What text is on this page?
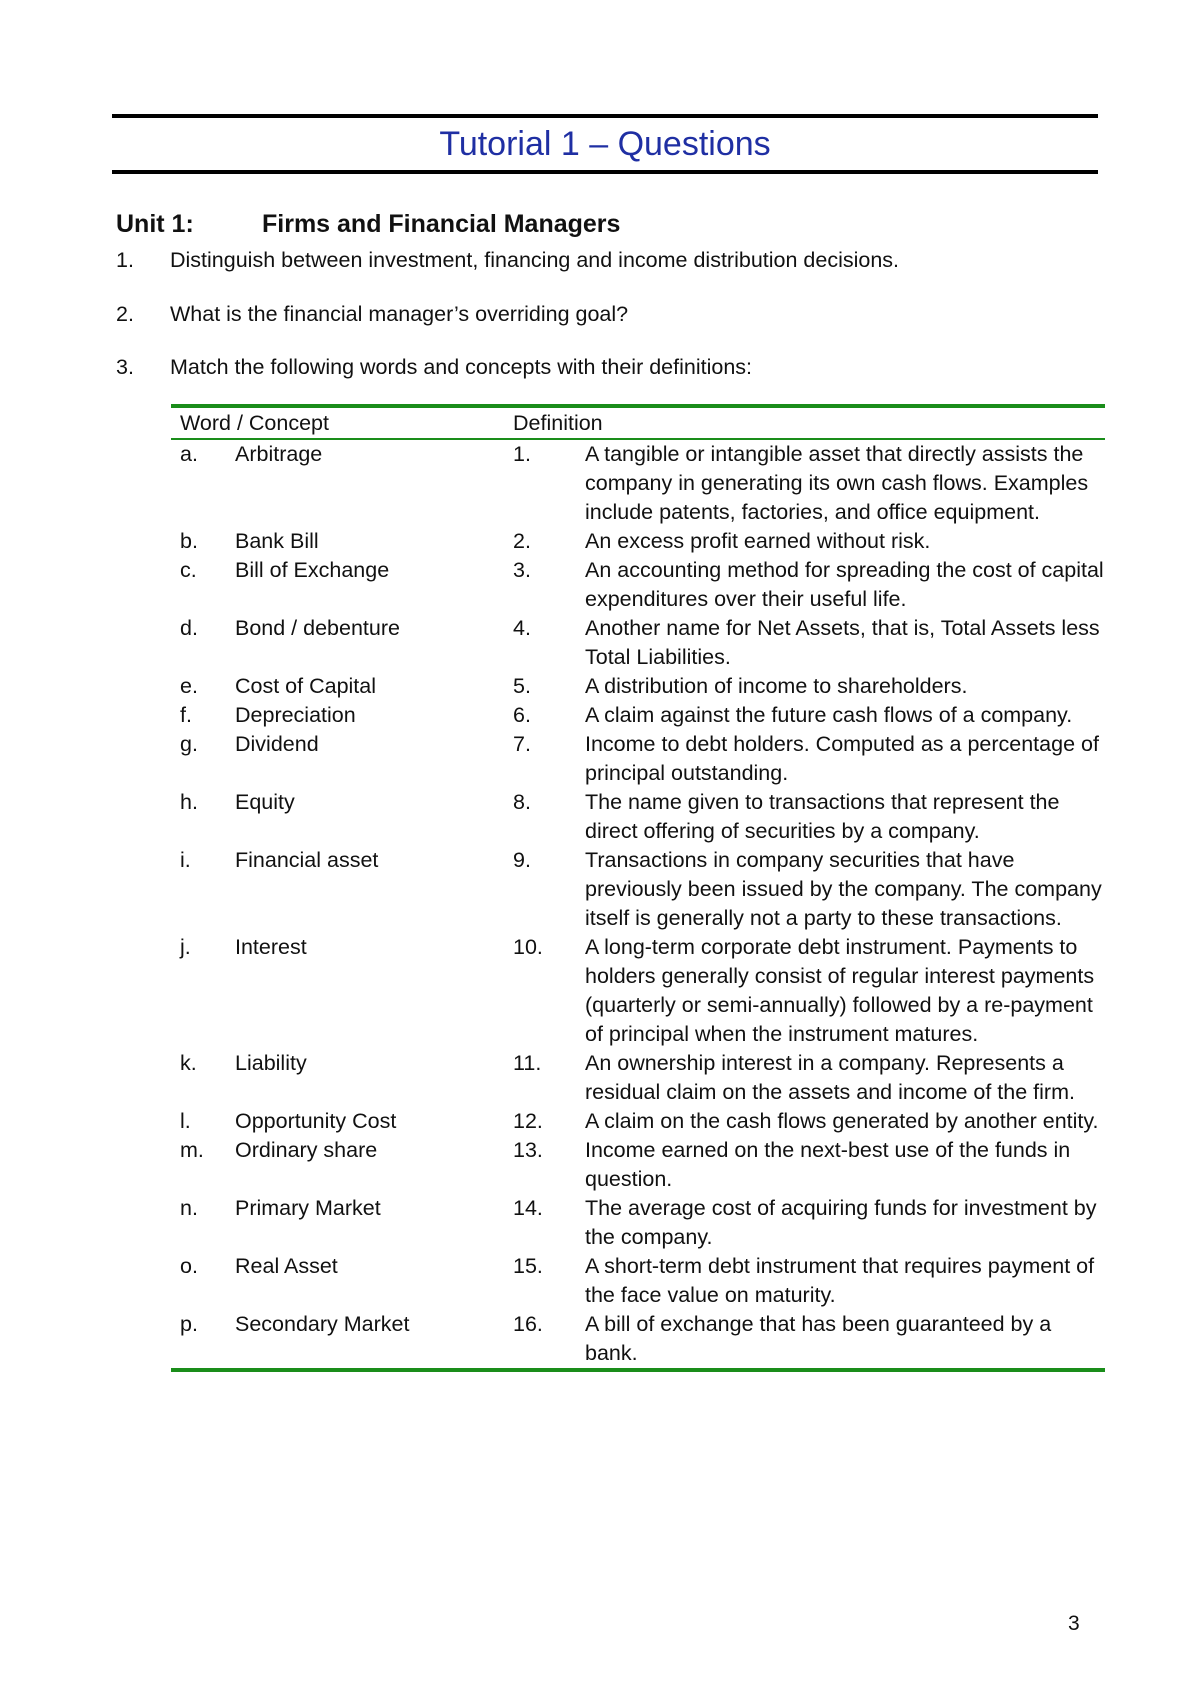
Tutorial 1 – Questions
Unit 1:	Firms and Financial Managers
1. Distinguish between investment, financing and income distribution decisions.
2. What is the financial manager’s overriding goal?
3. Match the following words and concepts with their definitions:
Word / Concept		Definition	
a.	Arbitrage	1.	A tangible or intangible asset that directly assists the company in generating its own cash flows. Examples include patents, factories, and office equipment.
b.	Bank Bill	2.	An excess profit earned without risk.
c.	Bill of Exchange	3.	An accounting method for spreading the cost of capital expenditures over their useful life.
d.	Bond / debenture	4.	Another name for Net Assets, that is, Total Assets less Total Liabilities.
e.	Cost of Capital	5.	A distribution of income to shareholders.
f.	Depreciation	6.	A claim against the future cash flows of a company.
g.	Dividend	7.	Income to debt holders. Computed as a percentage of principal outstanding.
h.	Equity	8.	The name given to transactions that represent the direct offering of securities by a company.
i.	Financial asset	9.	Transactions in company securities that have previously been issued by the company. The company itself is generally not a party to these transactions.
j.	Interest	10.	A long-term corporate debt instrument. Payments to holders generally consist of regular interest payments (quarterly or semi-annually) followed by a re-payment of principal when the instrument matures.
k.	Liability	11.	An ownership interest in a company. Represents a residual claim on the assets and income of the firm.
l.	Opportunity Cost	12.	A claim on the cash flows generated by another entity.
m.	Ordinary share	13.	Income earned on the next-best use of the funds in question.
n.	Primary Market	14.	The average cost of acquiring funds for investment by the company.
o.	Real Asset	15.	A short-term debt instrument that requires payment of the face value on maturity.
p.	Secondary Market	16.	A bill of exchange that has been guaranteed by a bank.
3
